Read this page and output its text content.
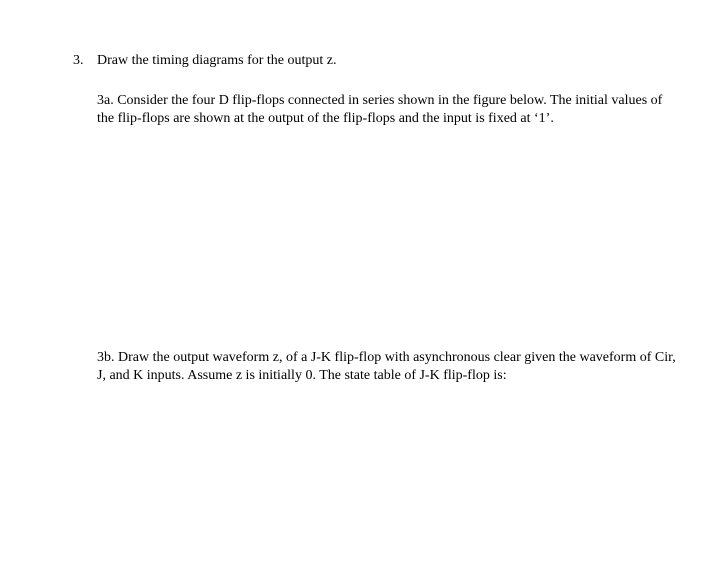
3. Draw the timing diagrams for the output z.

3a. Consider the four D flip-flops connected in series shown in the figure below. The initial values of the flip-flops are shown at the output of the flip-flops and the input is fixed at ‘1’.

3b. Draw the output waveform z, of a J-K flip-flop with asynchronous clear given the waveform of Cir, J, and K inputs. Assume z is initially 0. The state table of J-K flip-flop is:
